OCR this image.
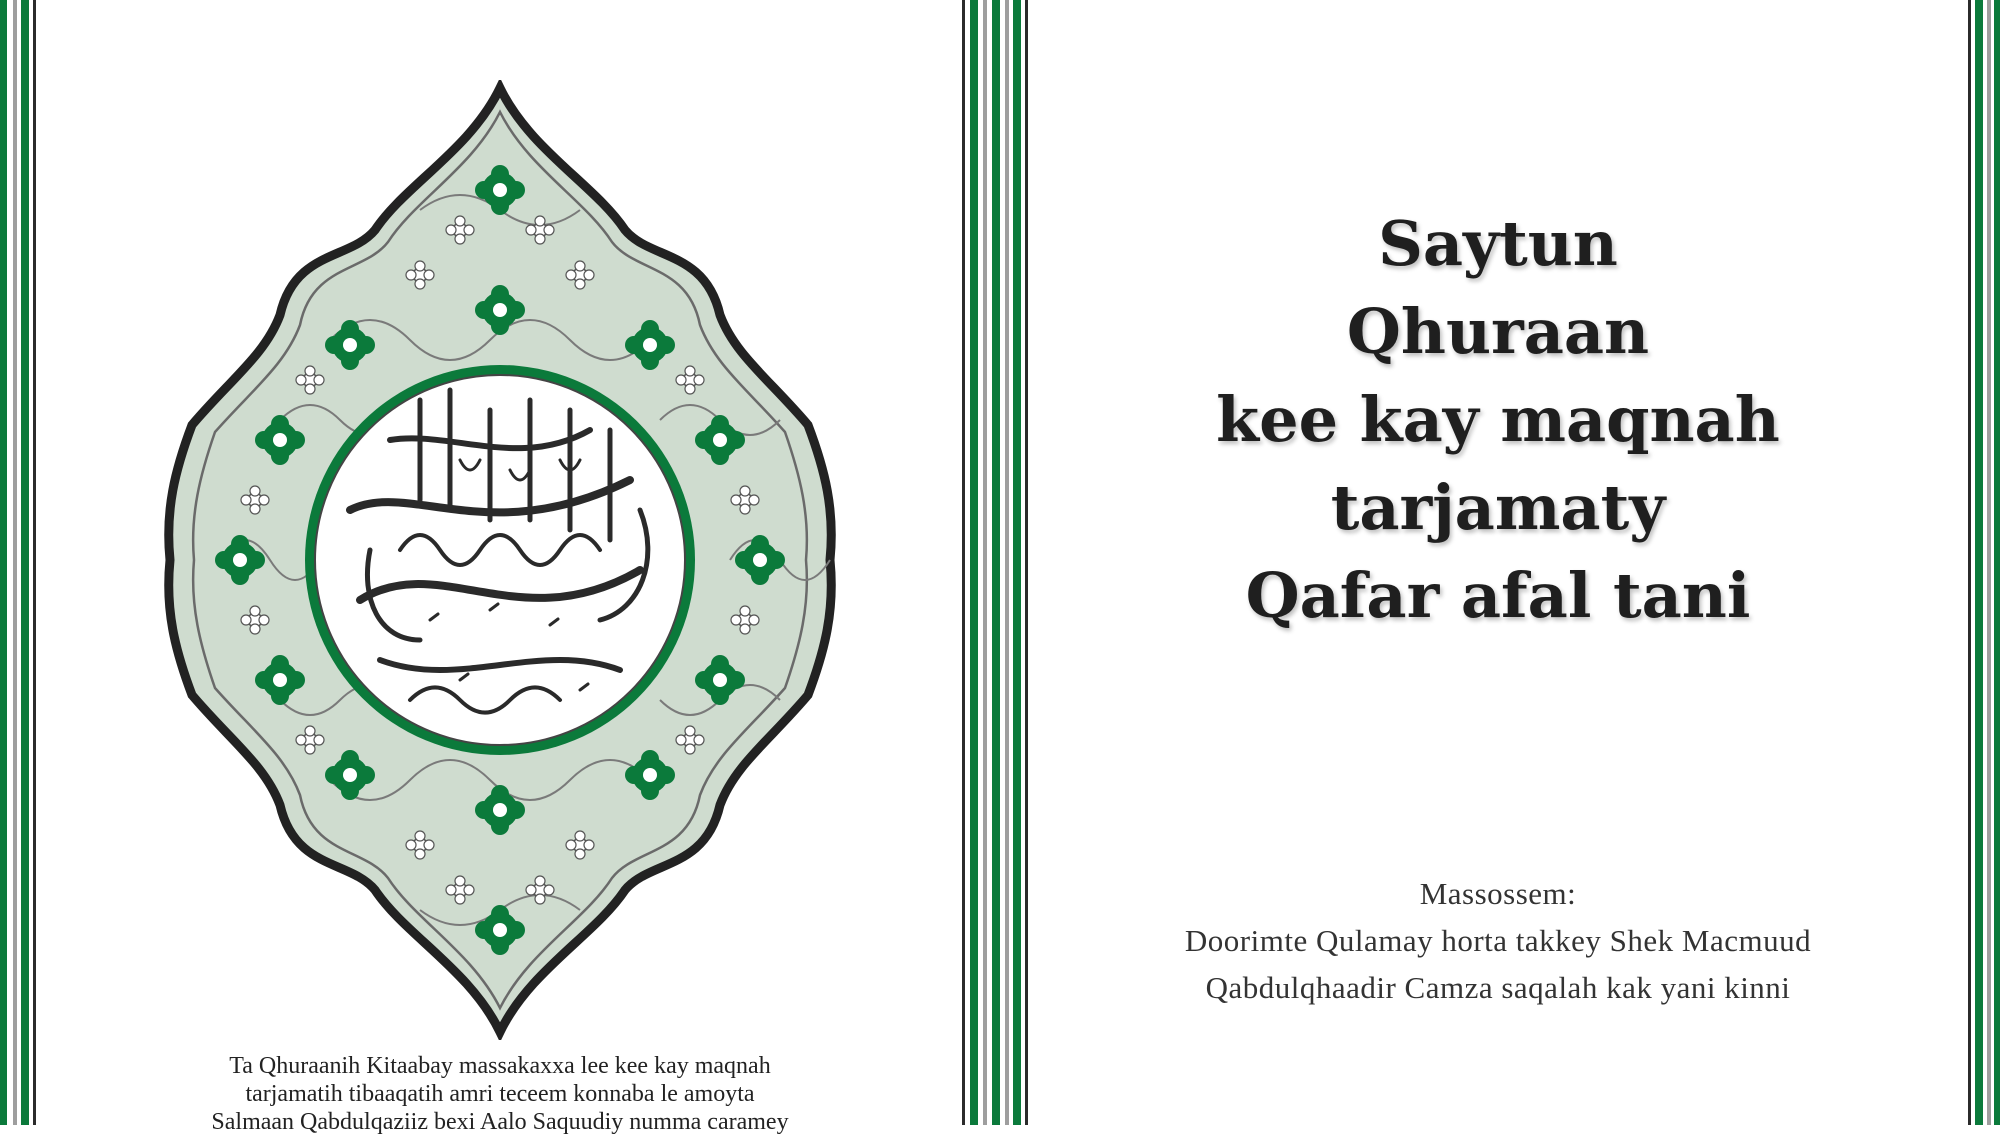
Ta Qhuraanih Kitaabay massakaxxa lee kee kay maqnah
tarjamatih tibaaqatih amri teceem konnaba le amoyta
Salmaan Qabdulqaziiz bexi Aalo Saquudiy numma caramey
Saytun
Qhuraan
kee kay maqnah
tarjamaty
Qafar afal tani
Massossem:
Doorimte Qulamay horta takkey Shek Macmuud
Qabdulqhaadir Camza saqalah kak yani kinni
